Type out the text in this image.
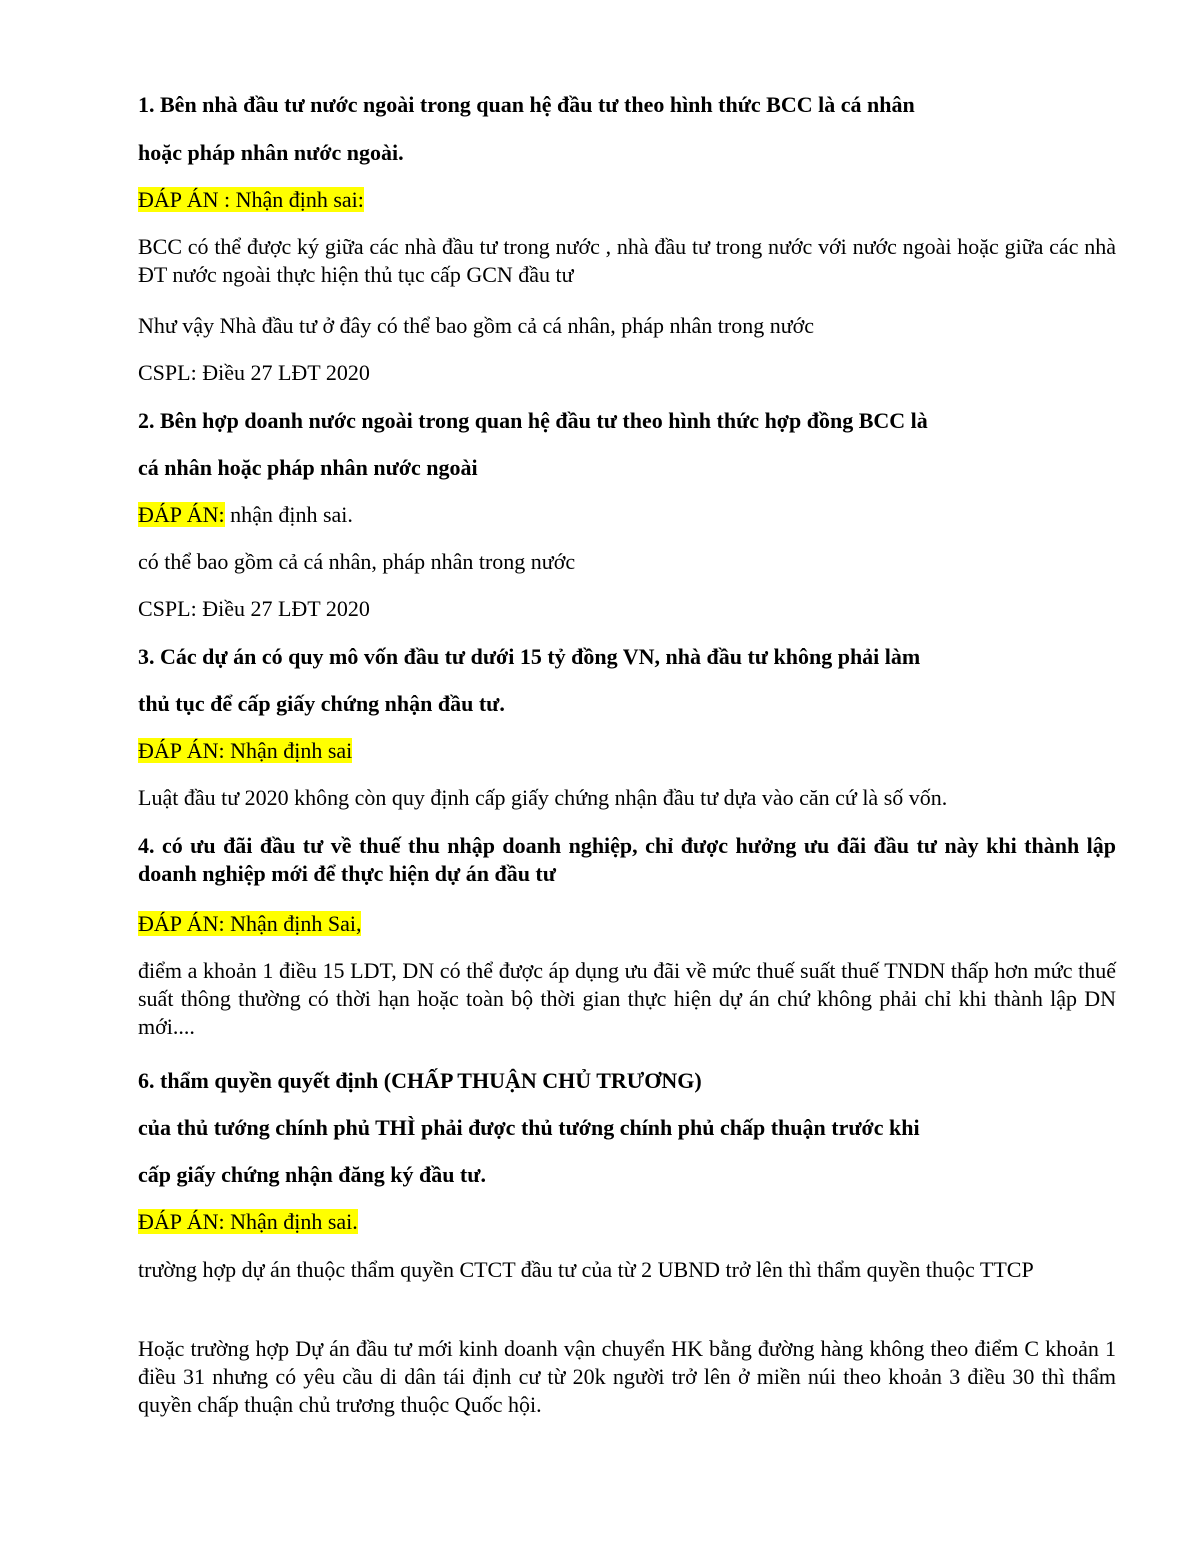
1. Bên nhà đầu tư nước ngoài trong quan hệ đầu tư theo hình thức BCC là cá nhân

hoặc pháp nhân nước ngoài.

ĐÁP ÁN : Nhận định sai:

BCC có thể được ký giữa các nhà đầu tư trong nước , nhà đầu tư trong nước với nước ngoài hoặc giữa các nhà ĐT nước ngoài thực hiện thủ tục cấp GCN đầu tư

Như vậy Nhà đầu tư ở đây có thể bao gồm cả cá nhân, pháp nhân trong nước

CSPL: Điều 27 LĐT 2020

2. Bên hợp doanh nước ngoài trong quan hệ đầu tư theo hình thức hợp đồng BCC là

cá nhân hoặc pháp nhân nước ngoài

ĐÁP ÁN: nhận định sai.

có thể bao gồm cả cá nhân, pháp nhân trong nước

CSPL: Điều 27 LĐT 2020

3. Các dự án có quy mô vốn đầu tư dưới 15 tỷ đồng VN, nhà đầu tư không phải làm

thủ tục để cấp giấy chứng nhận đầu tư.

ĐÁP ÁN: Nhận định sai

Luật đầu tư 2020 không còn quy định cấp giấy chứng nhận đầu tư dựa vào căn cứ là số vốn.

4. có ưu đãi đầu tư về thuế thu nhập doanh nghiệp, chỉ được hưởng ưu đãi đầu tư này khi thành lập doanh nghiệp mới để thực hiện dự án đầu tư

ĐÁP ÁN: Nhận định Sai,

điểm a khoản 1 điều 15 LDT, DN có thể được áp dụng ưu đãi về mức thuế suất thuế TNDN thấp hơn mức thuế suất thông thường có thời hạn hoặc toàn bộ thời gian thực hiện dự án chứ không phải chỉ khi thành lập DN mới....

6. thẩm quyền quyết định (CHẤP THUẬN CHỦ TRƯƠNG)

của thủ tướng chính phủ THÌ phải được thủ tướng chính phủ chấp thuận trước khi

cấp giấy chứng nhận đăng ký đầu tư.

ĐÁP ÁN: Nhận định sai.

trường hợp dự án thuộc thẩm quyền CTCT đầu tư của từ 2 UBND trở lên thì thẩm quyền thuộc TTCP

Hoặc trường hợp Dự án đầu tư mới kinh doanh vận chuyển HK bằng đường hàng không theo điểm C khoản 1 điều 31 nhưng có yêu cầu di dân tái định cư từ 20k người trở lên ở miền núi theo khoản 3 điều 30 thì thẩm quyền chấp thuận chủ trương thuộc Quốc hội.
